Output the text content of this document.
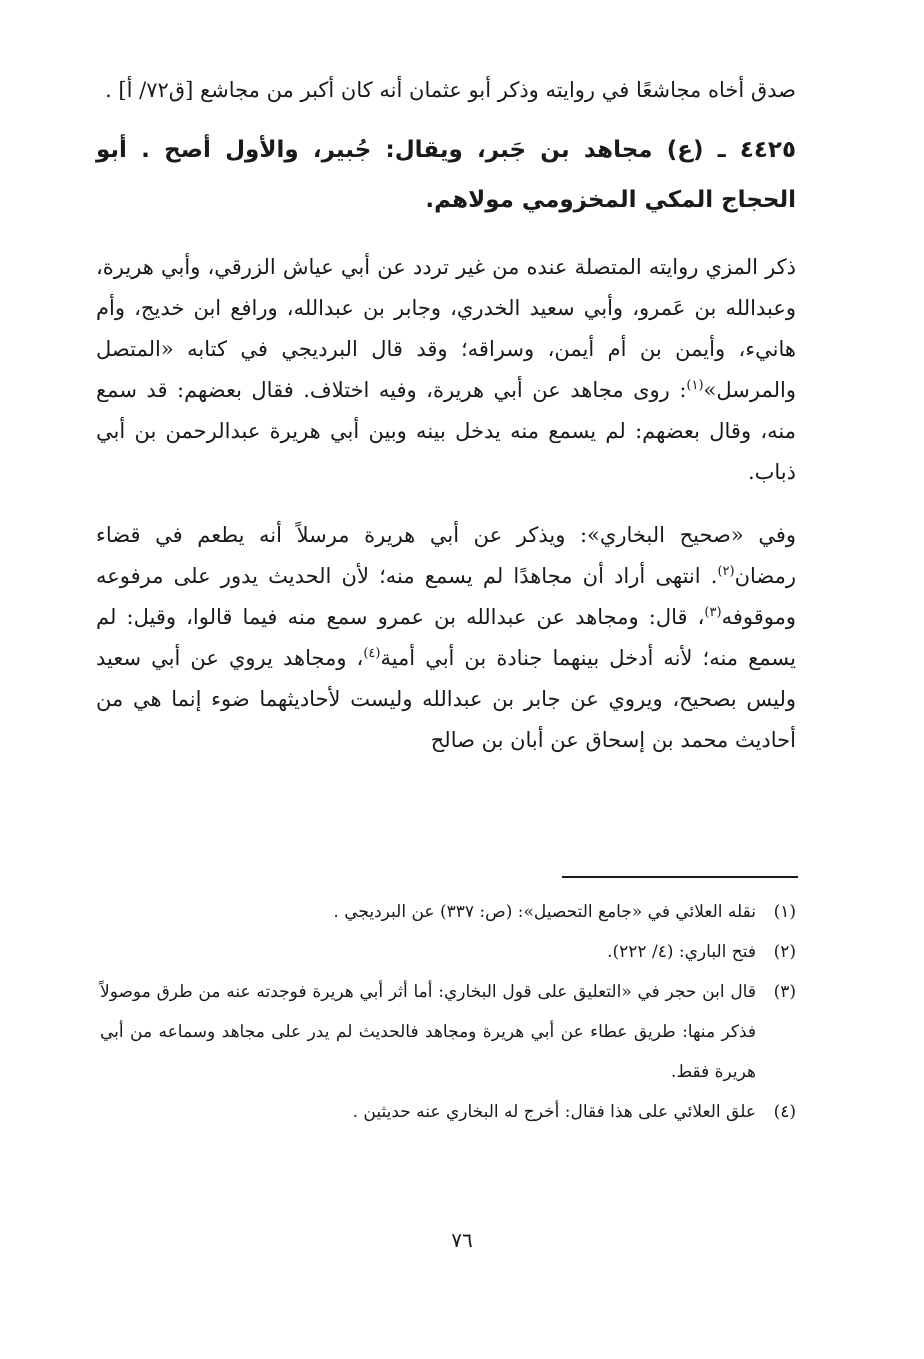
صدق أخاه مجاشعًا في روايته وذكر أبو عثمان أنه كان أكبر من مجاشع [ق٧٢/ أ] .

٤٤٢٥ ـ (ع) مجاهد بن جَبر، ويقال: جُبير، والأول أصح . أبو الحجاج المكي المخزومي مولاهم.

ذكر المزي روايته المتصلة عنده من غير تردد عن أبي عياش الزرقي، وأبي هريرة، وعبدالله بن عَمرو، وأبي سعيد الخدري، وجابر بن عبدالله، ورافع ابن خديج، وأم هانيء، وأيمن بن أم أيمن، وسراقه؛ وقد قال البرديجي في كتابه «المتصل والمرسل»$^{(١)}$: روى مجاهد عن أبي هريرة، وفيه اختلاف. فقال بعضهم: قد سمع منه، وقال بعضهم: لم يسمع منه يدخل بينه وبين أبي هريرة عبدالرحمن بن أبي ذباب.

وفي «صحيح البخاري»: ويذكر عن أبي هريرة مرسلاً أنه يطعم في قضاء رمضان$^{(٢)}$. انتهى أراد أن مجاهدًا لم يسمع منه؛ لأن الحديث يدور على مرفوعه وموقوفه$^{(٣)}$، قال: ومجاهد عن عبدالله بن عمرو سمع منه فيما قالوا، وقيل: لم يسمع منه؛ لأنه أدخل بينهما جنادة بن أبي أمية$^{(٤)}$، ومجاهد يروي عن أبي سعيد وليس بصحيح، ويروي عن جابر بن عبدالله وليست لأحاديثهما ضوء إنما هي من أحاديث محمد بن إسحاق عن أبان بن صالح

(١)
نقله العلائي في «جامع التحصيل»: (ص: ٣٣٧) عن البرديجي .
(٢)
فتح الباري: (٤/ ٢٢٢).
(٣)
قال ابن حجر في «التعليق على قول البخاري: أما أثر أبي هريرة فوجدته عنه من طرق موصولاً فذكر منها: طريق عطاء عن أبي هريرة ومجاهد فالحديث لم يدر على مجاهد وسماعه من أبي هريرة فقط.
(٤)
علق العلائي على هذا فقال: أخرج له البخاري عنه حديثين .
٧٦
